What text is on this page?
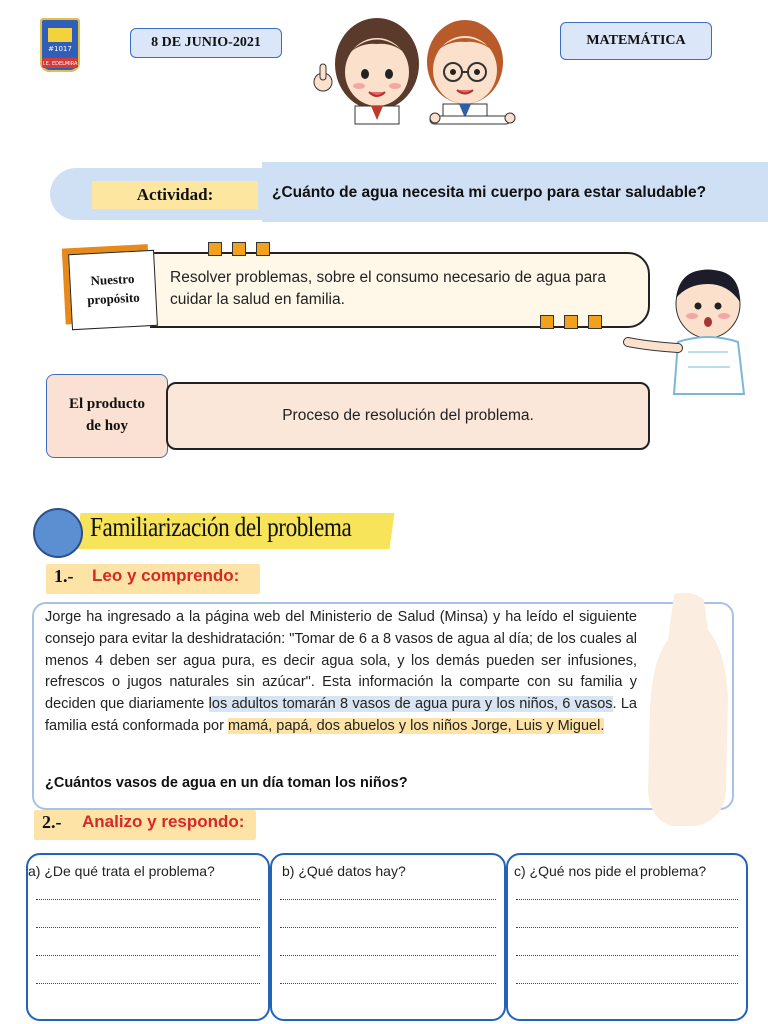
#1017
I.E. EDELMIRA
8 DE JUNIO-2021	MATEMÁTICA
Actividad:	¿Cuánto de agua necesita mi cuerpo para estar saludable?
Nuestro
propósito
Resolver problemas, sobre el consumo necesario de agua para cuidar la salud en familia.
El producto
de hoy
Proceso de resolución del problema.
Familiarización del problema
1.- Leo y comprendo:
Jorge ha ingresado a la página web del Ministerio de Salud (Minsa) y ha leído el siguiente consejo para evitar la deshidratación: "Tomar de 6 a 8 vasos de agua al día; de los cuales al menos 4 deben ser agua pura, es decir agua sola, y los demás pueden ser infusiones, refrescos o jugos naturales sin azúcar". Esta información la comparte con su familia y deciden que diariamente los adultos tomarán 8 vasos de agua pura y los niños, 6 vasos. La familia está conformada por mamá, papá, dos abuelos y los niños Jorge, Luis y Miguel.
¿Cuántos vasos de agua en un día toman los niños?
2.- Analizo y respondo:
a) ¿De qué trata el problema?	b) ¿Qué datos hay?	c) ¿Qué nos pide el problema?
